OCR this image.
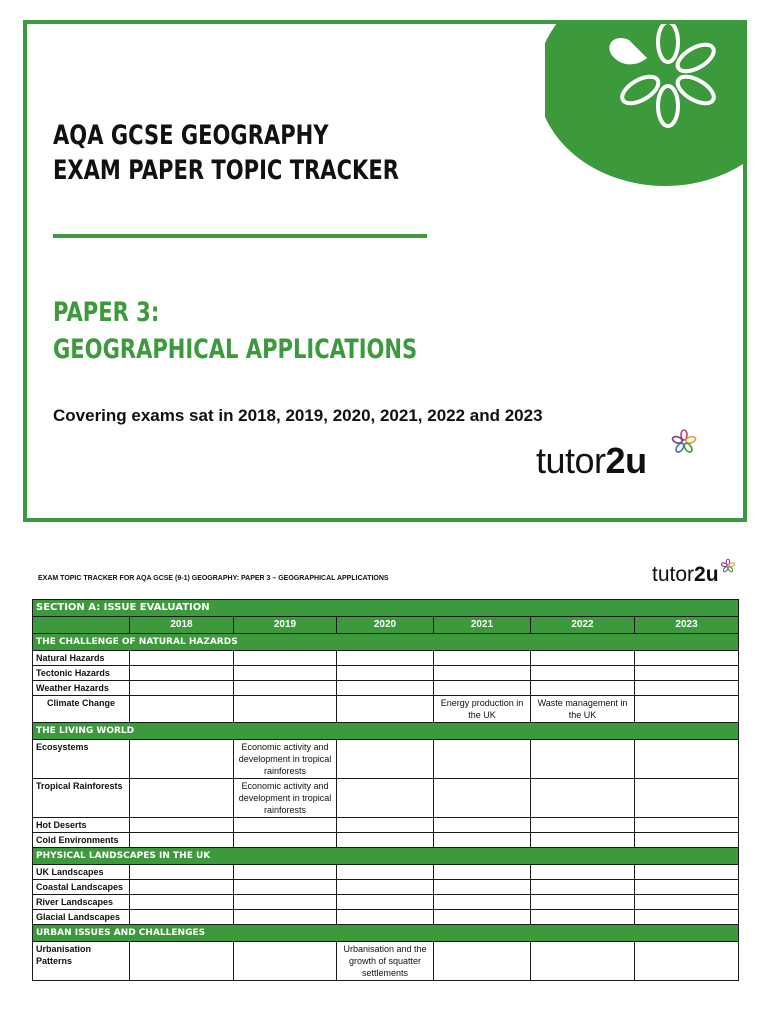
AQA GCSE GEOGRAPHY
EXAM PAPER TOPIC TRACKER
PAPER 3:
GEOGRAPHICAL APPLICATIONS
Covering exams sat in 2018, 2019, 2020, 2021, 2022 and 2023
tutor2u
EXAM TOPIC TRACKER FOR AQA GCSE (9-1) GEOGRAPHY: PAPER 3 – GEOGRAPHICAL APPLICATIONS	tutor2u
SECTION A: ISSUE EVALUATION						
	2018	2019	2020	2021	2022	2023
THE CHALLENGE OF NATURAL HAZARDS						
Natural Hazards						
Tectonic Hazards						
Weather Hazards						
Climate Change				Energy production in the UK	Waste management in the UK	
THE LIVING WORLD						
Ecosystems		Economic activity and development in tropical rainforests				
Tropical Rainforests		Economic activity and development in tropical rainforests				
Hot Deserts						
Cold Environments						
PHYSICAL LANDSCAPES IN THE UK						
UK Landscapes						
Coastal Landscapes						
River Landscapes						
Glacial Landscapes						
URBAN ISSUES AND CHALLENGES						
Urbanisation Patterns			Urbanisation and the growth of squatter settlements			
